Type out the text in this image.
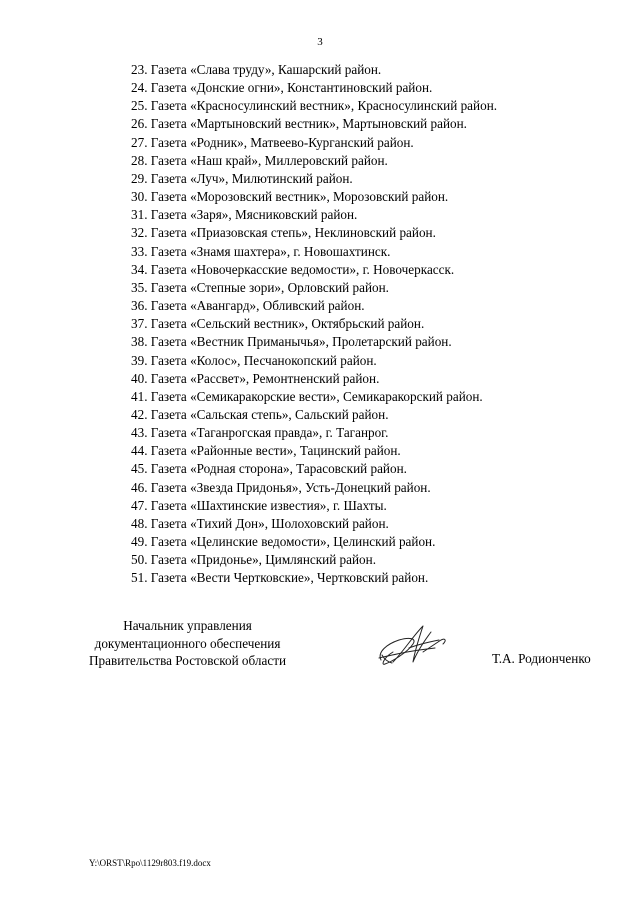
3
23. Газета «Слава труду», Кашарский район.
24. Газета «Донские огни», Константиновский район.
25. Газета «Красносулинский вестник», Красносулинский район.
26. Газета «Мартыновский вестник», Мартыновский район.
27. Газета «Родник», Матвеево-Курганский район.
28. Газета «Наш край», Миллеровский район.
29. Газета «Луч», Милютинский район.
30. Газета «Морозовский вестник», Морозовский район.
31. Газета «Заря», Мясниковский район.
32. Газета «Приазовская степь», Неклиновский район.
33. Газета «Знамя шахтера», г. Новошахтинск.
34. Газета «Новочеркасские ведомости», г. Новочеркасск.
35. Газета «Степные зори», Орловский район.
36. Газета «Авангард», Обливский район.
37. Газета «Сельский вестник», Октябрьский район.
38. Газета «Вестник Приманычья», Пролетарский район.
39. Газета «Колос», Песчанокопский район.
40. Газета «Рассвет», Ремонтненский район.
41. Газета «Семикаракорские вести», Семикаракорский район.
42. Газета «Сальская степь», Сальский район.
43. Газета «Таганрогская правда», г. Таганрог.
44. Газета «Районные вести», Тацинский район.
45. Газета «Родная сторона», Тарасовский район.
46. Газета «Звезда Придонья», Усть-Донецкий район.
47. Газета «Шахтинские известия», г. Шахты.
48. Газета «Тихий Дон», Шолоховский район.
49. Газета «Целинские ведомости», Целинский район.
50. Газета «Придонье», Цимлянский район.
51. Газета «Вести Чертковские», Чертковский район.
Начальник управления
документационного обеспечения
Правительства Ростовской области	Т.А. Родионченко
Y:\ORST\Rpo\1129r803.f19.docx
